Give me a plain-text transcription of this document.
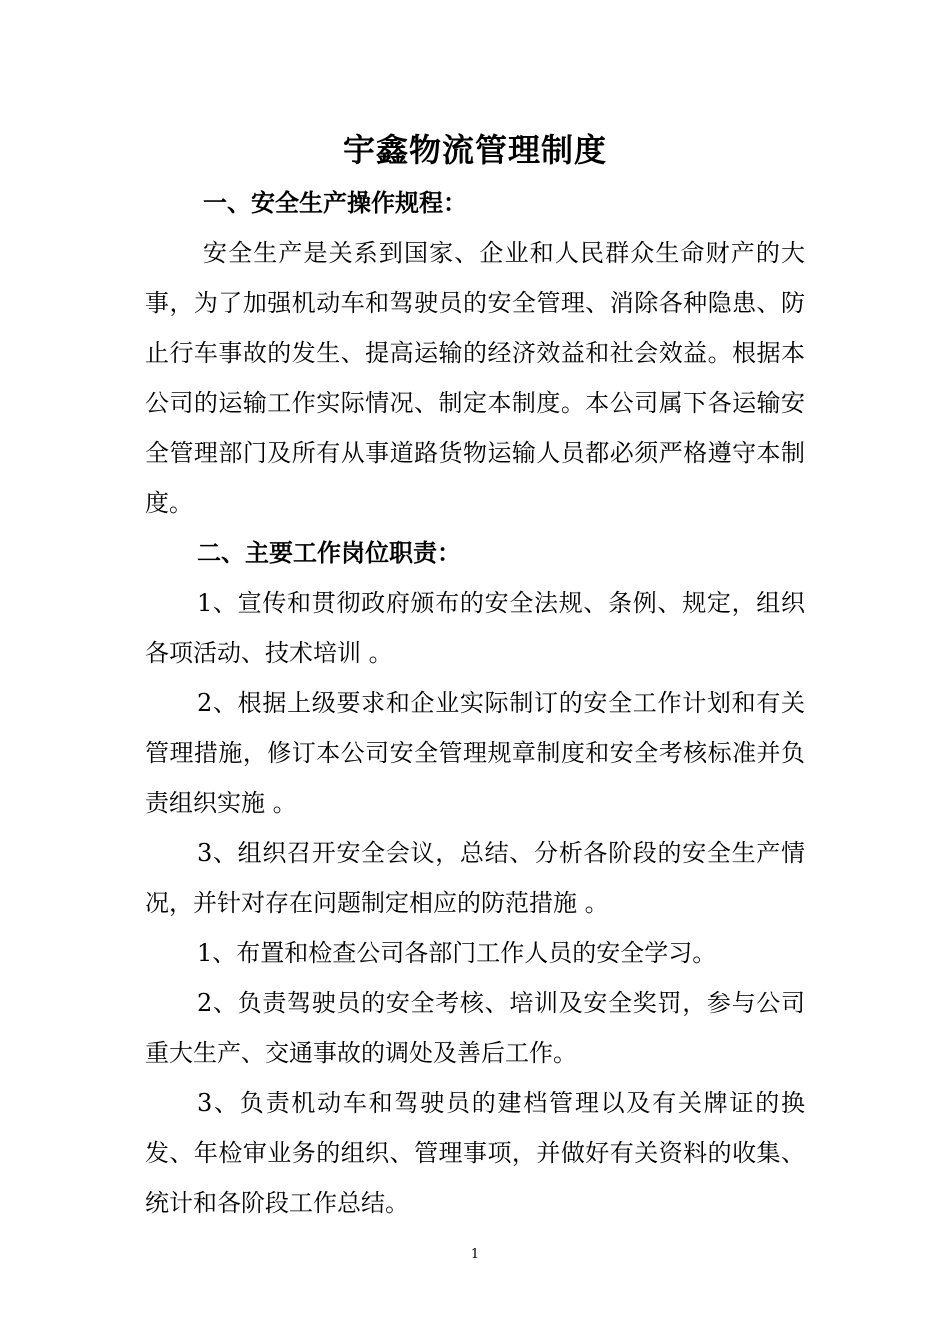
宇鑫物流管理制度
一、安全生产操作规程：

安全生产是关系到国家、企业和人民群众生命财产的大事，为了加强机动车和驾驶员的安全管理、消除各种隐患、防止行车事故的发生、提高运输的经济效益和社会效益。根据本公司的运输工作实际情况、制定本制度。本公司属下各运输安全管理部门及所有从事道路货物运输人员都必须严格遵守本制度。

二、主要工作岗位职责：

1、宣传和贯彻政府颁布的安全法规、条例、规定，组织各项活动、技术培训 。

2、根据上级要求和企业实际制订的安全工作计划和有关管理措施，修订本公司安全管理规章制度和安全考核标准并负责组织实施 。

3、组织召开安全会议，总结、分析各阶段的安全生产情况，并针对存在问题制定相应的防范措施 。

1、布置和检查公司各部门工作人员的安全学习。

2、负责驾驶员的安全考核、培训及安全奖罚，参与公司重大生产、交通事故的调处及善后工作。

3、负责机动车和驾驶员的建档管理以及有关牌证的换发、年检审业务的组织、管理事项，并做好有关资料的收集、统计和各阶段工作总结。

1
